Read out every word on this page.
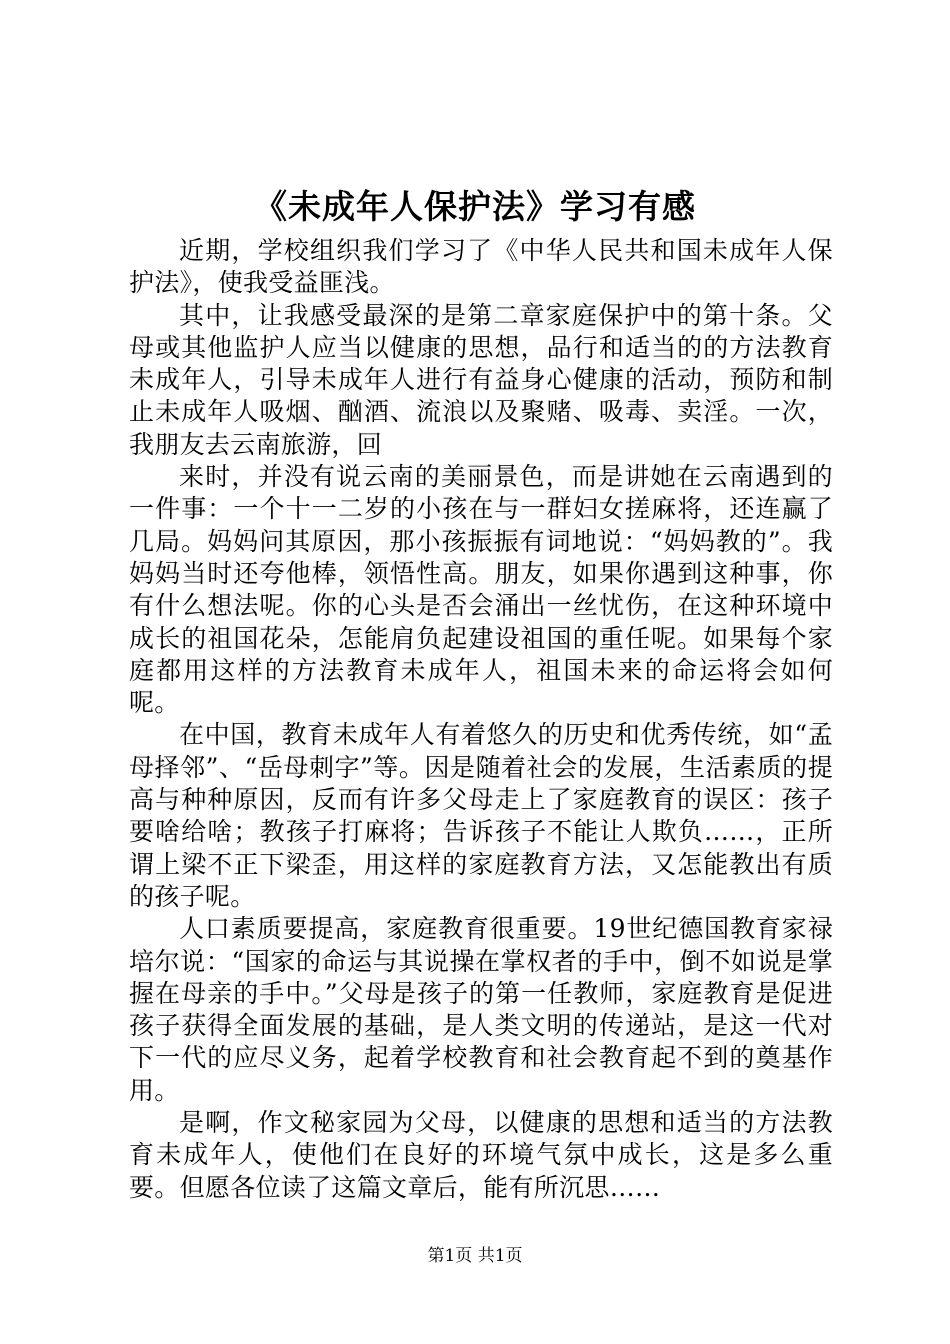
《未成年人保护法》学习有感

近期，学校组织我们学习了《中华人民共和国未成年人保护法》，使我受益匪浅。

其中，让我感受最深的是第二章家庭保护中的第十条。父母或其他监护人应当以健康的思想，品行和适当的的方法教育未成年人，引导未成年人进行有益身心健康的活动，预防和制止未成年人吸烟、酗酒、流浪以及聚赌、吸毒、卖淫。一次，我朋友去云南旅游，回

来时，并没有说云南的美丽景色，而是讲她在云南遇到的一件事：一个十一二岁的小孩在与一群妇女搓麻将，还连赢了几局。妈妈问其原因，那小孩振振有词地说：“妈妈教的”。我妈妈当时还夸他棒，领悟性高。朋友，如果你遇到这种事，你有什么想法呢。你的心头是否会涌出一丝忧伤，在这种环境中成长的祖国花朵，怎能肩负起建设祖国的重任呢。如果每个家庭都用这样的方法教育未成年人，祖国未来的命运将会如何呢。

在中国，教育未成年人有着悠久的历史和优秀传统，如“孟母择邻”、“岳母刺字”等。因是随着社会的发展，生活素质的提高与种种原因，反而有许多父母走上了家庭教育的误区：孩子要啥给啥；教孩子打麻将；告诉孩子不能让人欺负……，正所谓上梁不正下梁歪，用这样的家庭教育方法，又怎能教出有质的孩子呢。

人口素质要提高，家庭教育很重要。19世纪德国教育家禄培尔说：“国家的命运与其说操在掌权者的手中，倒不如说是掌握在母亲的手中。”父母是孩子的第一任教师，家庭教育是促进孩子获得全面发展的基础，是人类文明的传递站，是这一代对下一代的应尽义务，起着学校教育和社会教育起不到的奠基作用。

是啊，作文秘家园为父母，以健康的思想和适当的方法教育未成年人，使他们在良好的环境气氛中成长，这是多么重要。但愿各位读了这篇文章后，能有所沉思……

第1页 共1页
